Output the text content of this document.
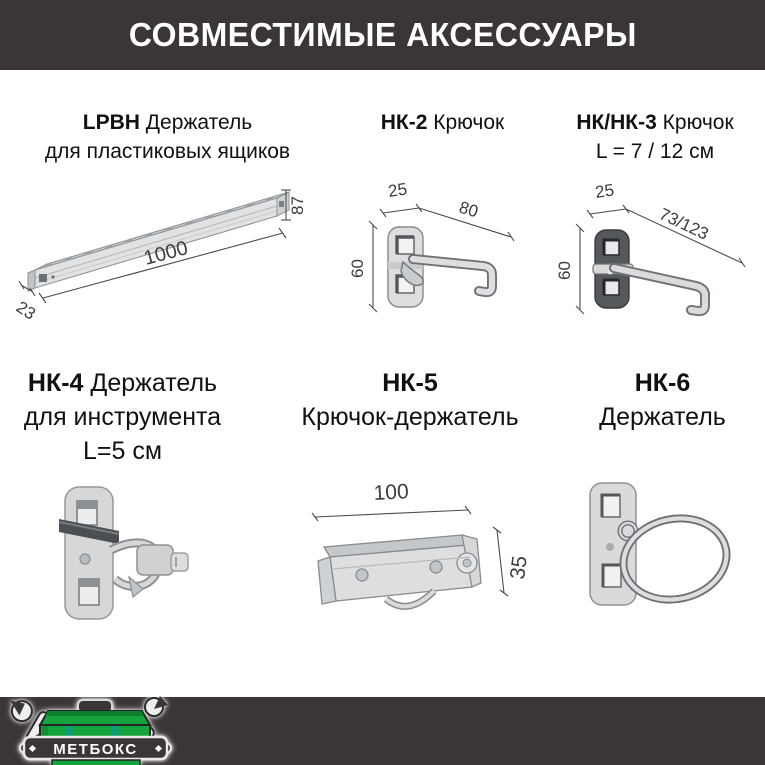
СОВМЕСТИМЫЕ АКСЕССУАРЫ
LPBH Держатель
для пластиковых ящиков
НК-2 Крючок	НК/НК-3 Крючок
L = 7 / 12 см
87
1000
23
60
25
80
60
25
73/123
НК-4 Держатель
для инструмента
L=5 см
НК-5
Крючок-держатель
НК-6
Держатель
100
35
МЕТБОКС
